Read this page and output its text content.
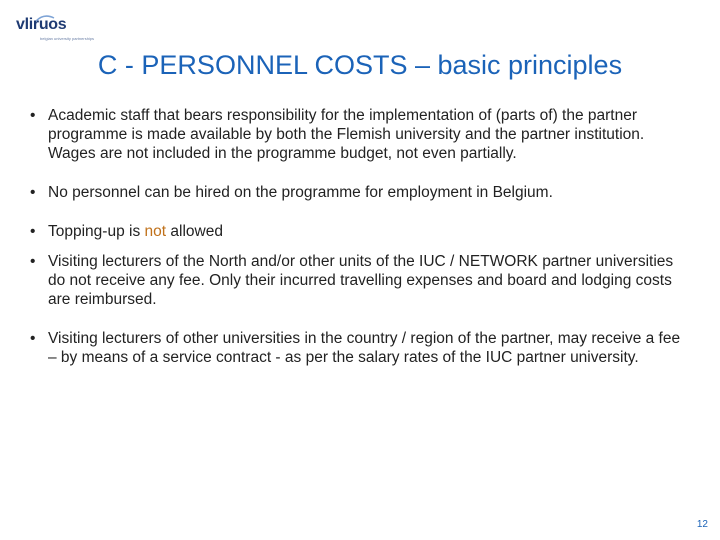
vliruos
belgian university partnerships
C - PERSONNEL COSTS – basic principles
• Academic staff that bears responsibility for the implementation of (parts of) the partner programme is made available by both the Flemish university and the partner institution. Wages are not included in the programme budget, not even partially.
• No personnel can be hired on the programme for employment in Belgium.
• Topping-up is not allowed
• Visiting lecturers of the North and/or other units of the IUC / NETWORK partner universities do not receive any fee. Only their incurred travelling expenses and board and lodging costs are reimbursed.
• Visiting lecturers of other universities in the country / region of the partner, may receive a fee – by means of a service contract - as per the salary rates of the IUC partner university.
12
